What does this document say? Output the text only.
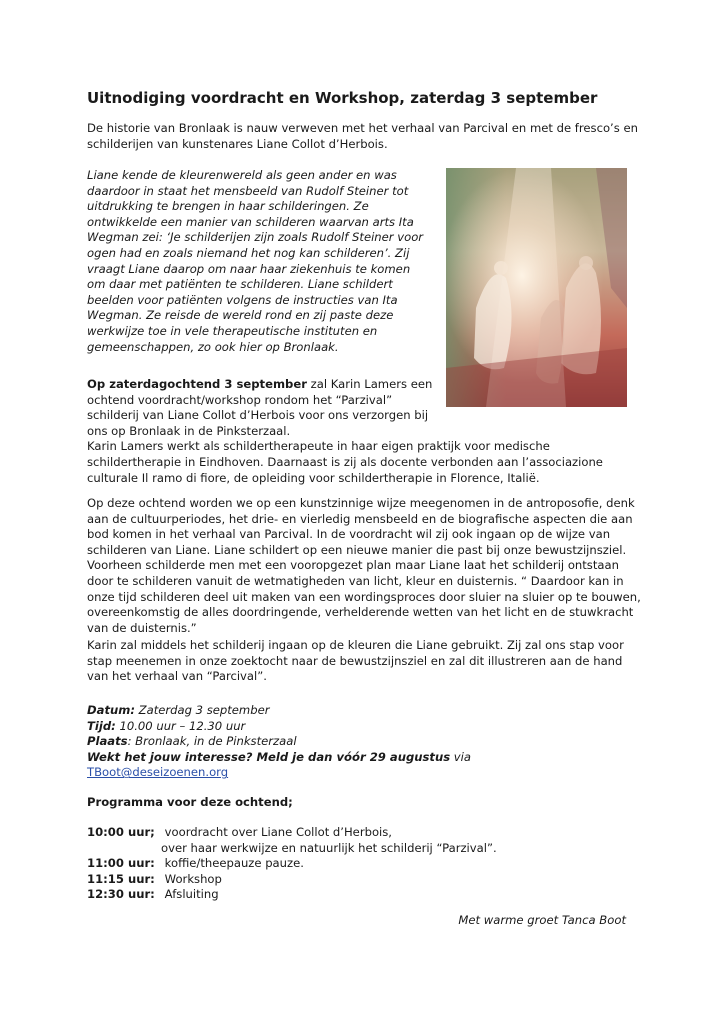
Uitnodiging voordracht en Workshop, zaterdag 3 september

De historie van Bronlaak is nauw verweven met het verhaal van Parcival en met de fresco’s en schilderijen van kunstenares Liane Collot d’Herbois.

Liane kende de kleurenwereld als geen ander en was daardoor in staat het mensbeeld van Rudolf Steiner tot uitdrukking te brengen in haar schilderingen. Ze ontwikkelde een manier van schilderen waarvan arts Ita Wegman zei: ‘Je schilderijen zijn zoals Rudolf Steiner voor ogen had en zoals niemand het nog kan schilderen’. Zij vraagt Liane daarop om naar haar ziekenhuis te komen om daar met patiënten te schilderen. Liane schildert beelden voor patiënten volgens de instructies van Ita Wegman. Ze reisde de wereld rond en zij paste deze werkwijze toe in vele therapeutische instituten en gemeenschappen, zo ook hier op Bronlaak.

Op zaterdagochtend 3 september zal Karin Lamers een ochtend voordracht/workshop rondom het “Parzival” schilderij van Liane Collot d’Herbois voor ons verzorgen bij ons op Bronlaak in de Pinksterzaal.
Karin Lamers werkt als schildertherapeute in haar eigen praktijk voor medische schildertherapie in Eindhoven. Daarnaast is zij als docente verbonden aan l’associazione culturale Il ramo di fiore, de opleiding voor schildertherapie in Florence, Italië.

Op deze ochtend worden we op een kunstzinnige wijze meegenomen in de antroposofie, denk aan de cultuurperiodes, het drie- en vierledig mensbeeld en de biografische aspecten die aan bod komen in het verhaal van Parcival. In de voordracht wil zij ook ingaan op de wijze van schilderen van Liane. Liane schildert op een nieuwe manier die past bij onze bewustzijnsziel. Voorheen schilderde men met een vooropgezet plan maar Liane laat het schilderij ontstaan door te schilderen vanuit de wetmatigheden van licht, kleur en duisternis. “ Daardoor kan in onze tijd schilderen deel uit maken van een wordingsproces door sluier na sluier op te bouwen, overeenkomstig de alles doordringende, verhelderende wetten van het licht en de stuwkracht van de duisternis.”

Karin zal middels het schilderij ingaan op de kleuren die Liane gebruikt. Zij zal ons stap voor stap meenemen in onze zoektocht naar de bewustzijnsziel en zal dit illustreren aan de hand van het verhaal van “Parcival”.

Datum: Zaterdag 3 september
Tijd: 10.00 uur – 12.30 uur
Plaats: Bronlaak, in de Pinksterzaal
Wekt het jouw interesse? Meld je dan vóór 29 augustus via
TBoot@deseizoenen.org

Programma voor deze ochtend;

10:00 uur; voordracht over Liane Collot d’Herbois,
over haar werkwijze en natuurlijk het schilderij “Parzival”.
11:00 uur: koffie/theepauze pauze.
11:15 uur: Workshop
12:30 uur: Afsluiting

Met warme groet Tanca Boot
